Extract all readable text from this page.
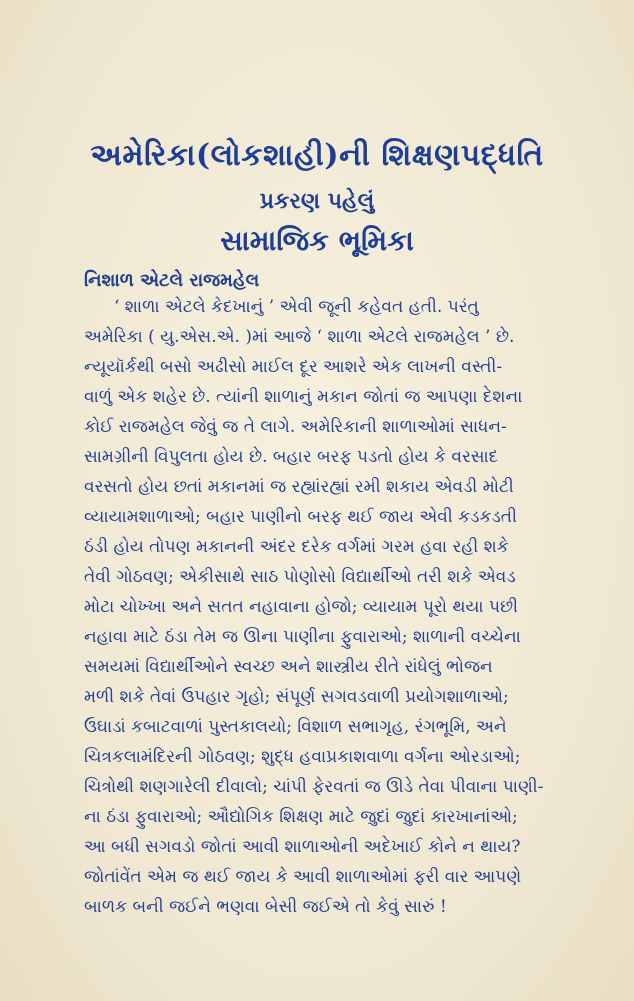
અમેરિકા(લોકશાહી)ની શિક્ષણપદ્ધતિ
પ્રકરણ પહેલું
સામાજિક ભૂમિકા
નિશાળ એટલે રાજમહેલ
‘ શાળા એટલે કેદખાનું ’ એવી જૂની કહેવત હતી. પરંતુ
અમેરિકા ( યુ.એસ.એ. )માં આજે ‘ શાળા એટલે રાજમહેલ ’ છે.
ન્યૂયૉર્કથી બસો અઢીસો માઈલ દૂર આશરે એક લાખની વસ્તી-
વાળું એક શહેર છે. ત્યાંની શાળાનું મકાન જોતાં જ આપણા દેશના
કોઈ રાજમહેલ જેવું જ તે લાગે. અમેરિકાની શાળાઓમાં સાધન-
સામગ્રીની વિપુલતા હોય છે. બહાર બરફ પડતો હોય કે વરસાદ
વરસતો હોય છતાં મકાનમાં જ રહ્યાંરહ્યાં રમી શકાય એવડી મોટી
વ્યાયામશાળાઓ; બહાર પાણીનો બરફ થઈ જાય એવી કડકડતી
ઠંડી હોય તોપણ મકાનની અંદર દરેક વર્ગમાં ગરમ હવા રહી શકે
તેવી ગોઠવણ; એકીસાથે સાઠ પોણોસો વિદ્યાર્થીઓ તરી શકે એવડ
મોટા ચોખ્ખા અને સતત નહાવાના હોજો; વ્યાયામ પૂરો થયા પછી
નહાવા માટે ઠંડા તેમ જ ઊના પાણીના ફુવારાઓ; શાળાની વચ્ચેના
સમયમાં વિદ્યાર્થીઓને સ્વચ્છ અને શાસ્ત્રીય રીતે રાંધેલું ભોજન
મળી શકે તેવાં ઉપહાર ગૃહો; સંપૂર્ણ સગવડવાળી પ્રયોગશાળાઓ;
ઉઘાડાં કબાટવાળાં પુસ્તકાલયો; વિશાળ સભાગૃહ, રંગભૂમિ, અને
ચિત્રકલામંદિરની ગોઠવણ; શુદ્ધ હવાપ્રકાશવાળા વર્ગના ઓરડાઓ;
ચિત્રોથી શણગારેલી દીવાલો; ચાંપી ફેરવતાં જ ઊડે તેવા પીવાના પાણી-
ના ઠંડા ફુવારાઓ; ઔદ્યોગિક શિક્ષણ માટે જુદાં જુદાં કારખાનાંઓ;
આ બધી સગવડો જોતાં આવી શાળાઓની અદેખાઈ કોને ન થાય?
જોતાંવેંત એમ જ થઈ જાય કે આવી શાળાઓમાં ફરી વાર આપણે
બાળક બની જઈને ભણવા બેસી જઈએ તો કેવું સારું !
